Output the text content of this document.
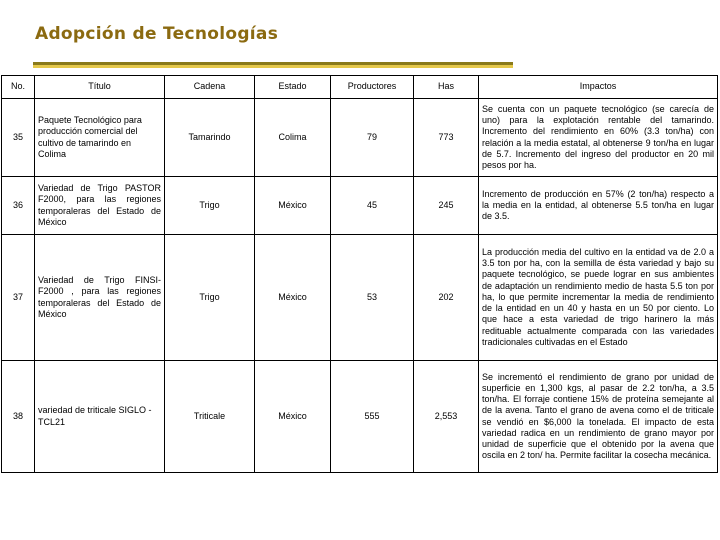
Adopción de Tecnologías
No.	Título	Cadena	Estado	Productores	Has	Impactos
35	Paquete Tecnológico para producción comercial del cultivo de tamarindo en Colima	Tamarindo	Colima	79	773	Se cuenta con un paquete tecnológico (se carecía de uno) para la explotación rentable del tamarindo. Incremento del rendimiento en 60% (3.3 ton/ha) con relación a la media estatal, al obtenerse 9 ton/ha en lugar de 5.7. Incremento del ingreso del productor en 20 mil pesos por ha.
36	Variedad de Trigo PASTOR F2000, para las regiones temporaleras del Estado de México	Trigo	México	45	245	Incremento de producción en 57% (2 ton/ha) respecto a la media en la entidad, al obtenerse 5.5 ton/ha en lugar de 3.5.
37	Variedad de Trigo FINSI-F2000 , para las regiones temporaleras del Estado de México	Trigo	México	53	202	La producción media del cultivo en la entidad va de 2.0 a 3.5 ton por ha, con la semilla de ésta variedad y bajo su paquete tecnológico, se puede lograr en sus ambientes de adaptación un rendimiento medio de hasta 5.5 ton por ha, lo que permite incrementar la media de rendimiento de la entidad en un 40 y hasta en un 50 por ciento. Lo que hace a esta variedad de trigo harinero la más redituable actualmente comparada con las variedades tradicionales cultivadas en el Estado
38	variedad de triticale SIGLO -TCL21	Triticale	México	555	2,553	Se incrementó el rendimiento de grano por unidad de superficie en 1,300 kgs, al pasar de 2.2 ton/ha, a 3.5 ton/ha. El forraje contiene 15% de proteína semejante al de la avena. Tanto el grano de avena como el de triticale se vendió en $6,000 la tonelada. El impacto de esta variedad radica en un rendimiento de grano mayor por unidad de superficie que el obtenido por la avena que oscila en 2 ton/ ha. Permite facilitar la cosecha mecánica.
